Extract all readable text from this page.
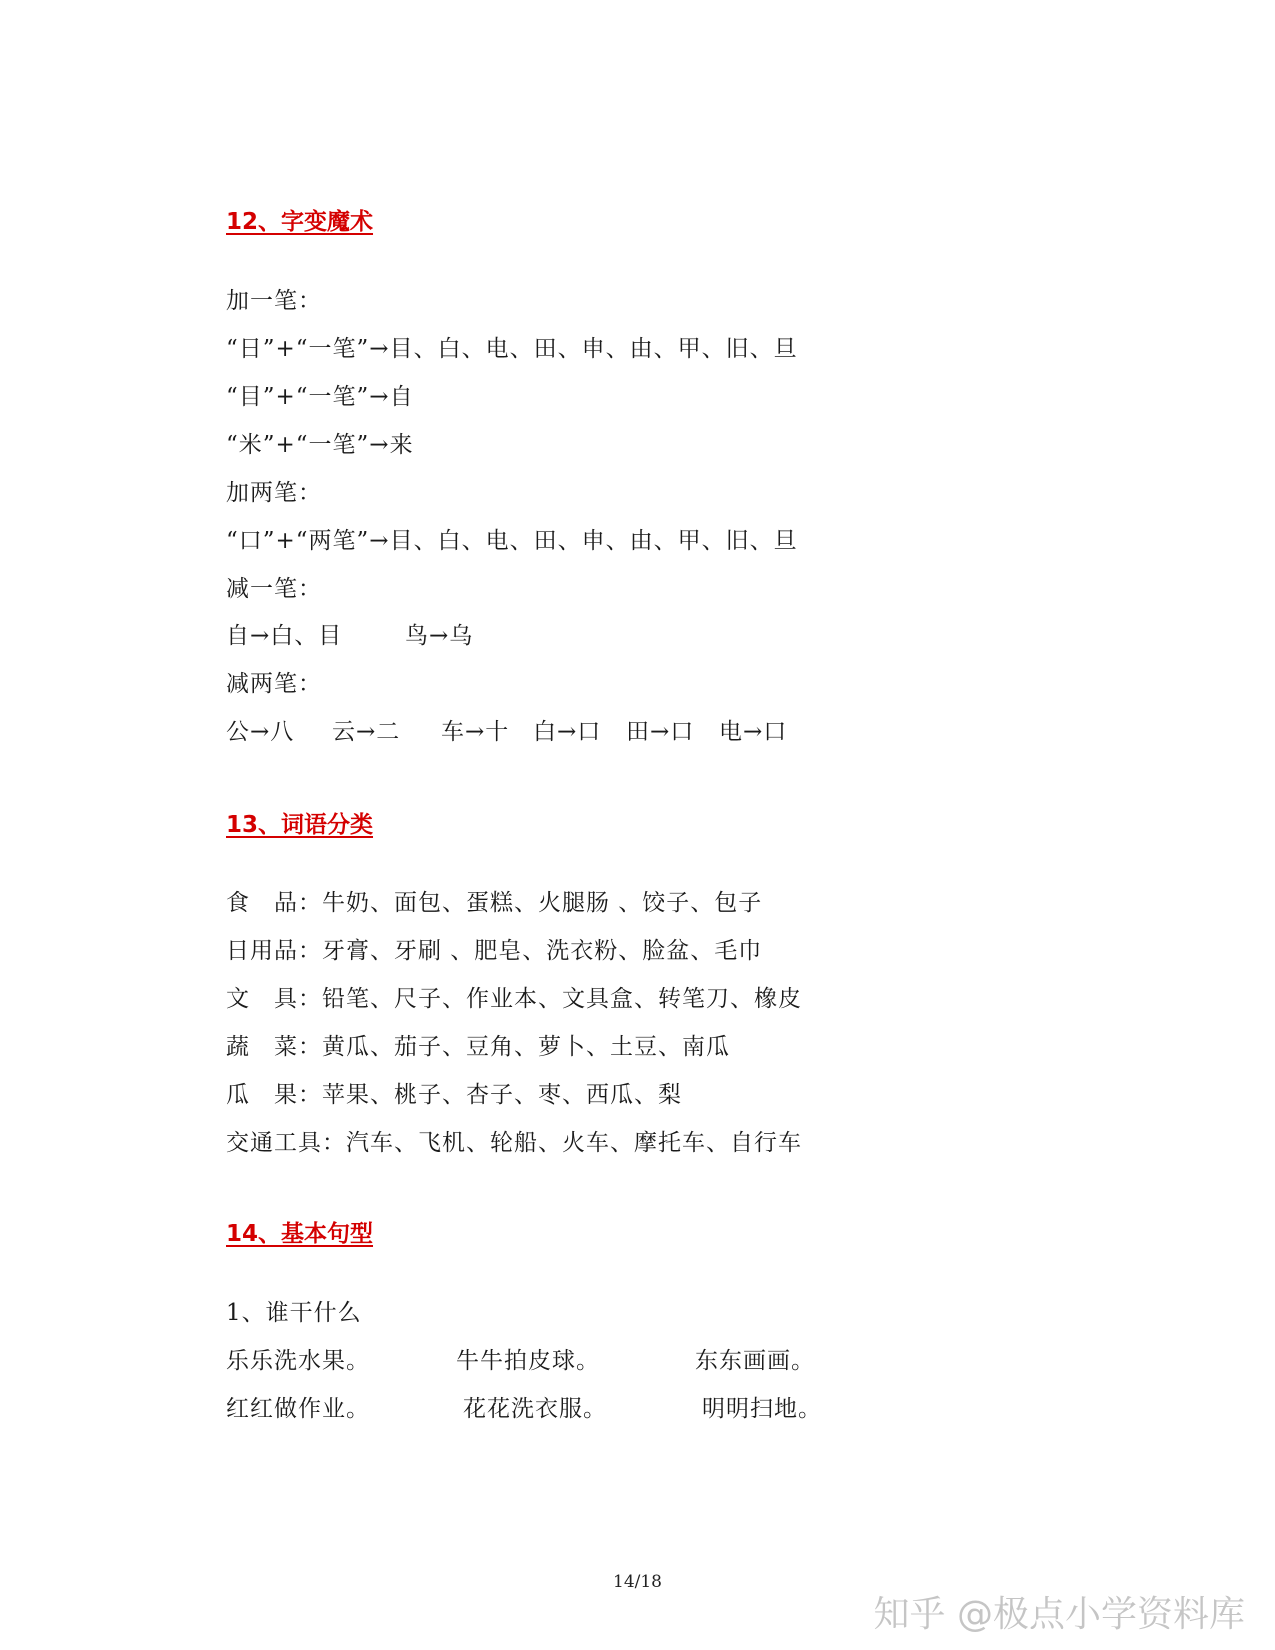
12、字变魔术
加一笔：
“日”+“一笔”→目、白、电、田、申、由、甲、旧、旦
“目”+“一笔”→自
“米”+“一笔”→来
加两笔：
“口”+“两笔”→目、白、电、田、申、由、甲、旧、旦
减一笔：
自→白、目	鸟→乌
减两笔：
公→八 云→二 车→十 白→口 田→口 电→口
13、词语分类
食　品：牛奶、面包、蛋糕、火腿肠 、饺子、包子
日用品：牙膏、牙刷 、肥皂、洗衣粉、脸盆、毛巾
文　具：铅笔、尺子、作业本、文具盒、转笔刀、橡皮
蔬　菜：黄瓜、茄子、豆角、萝卜、土豆、南瓜
瓜　果：苹果、桃子、杏子、枣、西瓜、梨
交通工具：汽车、飞机、轮船、火车、摩托车、自行车
14、基本句型
1、谁干什么
乐乐洗水果。	牛牛拍皮球。	东东画画。
红红做作业。	花花洗衣服。	明明扫地。
14/18
知乎 @极点小学资料库
